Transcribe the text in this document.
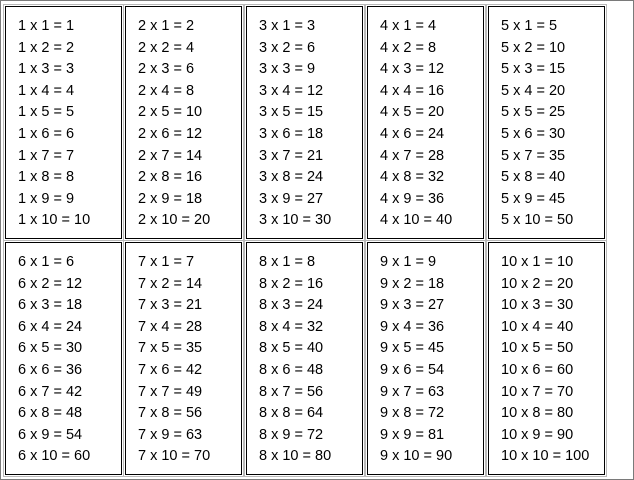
1 x 1 = 1
1 x 2 = 2
1 x 3 = 3
1 x 4 = 4
1 x 5 = 5
1 x 6 = 6
1 x 7 = 7
1 x 8 = 8
1 x 9 = 9
1 x 10 = 10
2 x 1 = 2
2 x 2 = 4
2 x 3 = 6
2 x 4 = 8
2 x 5 = 10
2 x 6 = 12
2 x 7 = 14
2 x 8 = 16
2 x 9 = 18
2 x 10 = 20
3 x 1 = 3
3 x 2 = 6
3 x 3 = 9
3 x 4 = 12
3 x 5 = 15
3 x 6 = 18
3 x 7 = 21
3 x 8 = 24
3 x 9 = 27
3 x 10 = 30
4 x 1 = 4
4 x 2 = 8
4 x 3 = 12
4 x 4 = 16
4 x 5 = 20
4 x 6 = 24
4 x 7 = 28
4 x 8 = 32
4 x 9 = 36
4 x 10 = 40
5 x 1 = 5
5 x 2 = 10
5 x 3 = 15
5 x 4 = 20
5 x 5 = 25
5 x 6 = 30
5 x 7 = 35
5 x 8 = 40
5 x 9 = 45
5 x 10 = 50
6 x 1 = 6
6 x 2 = 12
6 x 3 = 18
6 x 4 = 24
6 x 5 = 30
6 x 6 = 36
6 x 7 = 42
6 x 8 = 48
6 x 9 = 54
6 x 10 = 60
7 x 1 = 7
7 x 2 = 14
7 x 3 = 21
7 x 4 = 28
7 x 5 = 35
7 x 6 = 42
7 x 7 = 49
7 x 8 = 56
7 x 9 = 63
7 x 10 = 70
8 x 1 = 8
8 x 2 = 16
8 x 3 = 24
8 x 4 = 32
8 x 5 = 40
8 x 6 = 48
8 x 7 = 56
8 x 8 = 64
8 x 9 = 72
8 x 10 = 80
9 x 1 = 9
9 x 2 = 18
9 x 3 = 27
9 x 4 = 36
9 x 5 = 45
9 x 6 = 54
9 x 7 = 63
9 x 8 = 72
9 x 9 = 81
9 x 10 = 90
10 x 1 = 10
10 x 2 = 20
10 x 3 = 30
10 x 4 = 40
10 x 5 = 50
10 x 6 = 60
10 x 7 = 70
10 x 8 = 80
10 x 9 = 90
10 x 10 = 100
